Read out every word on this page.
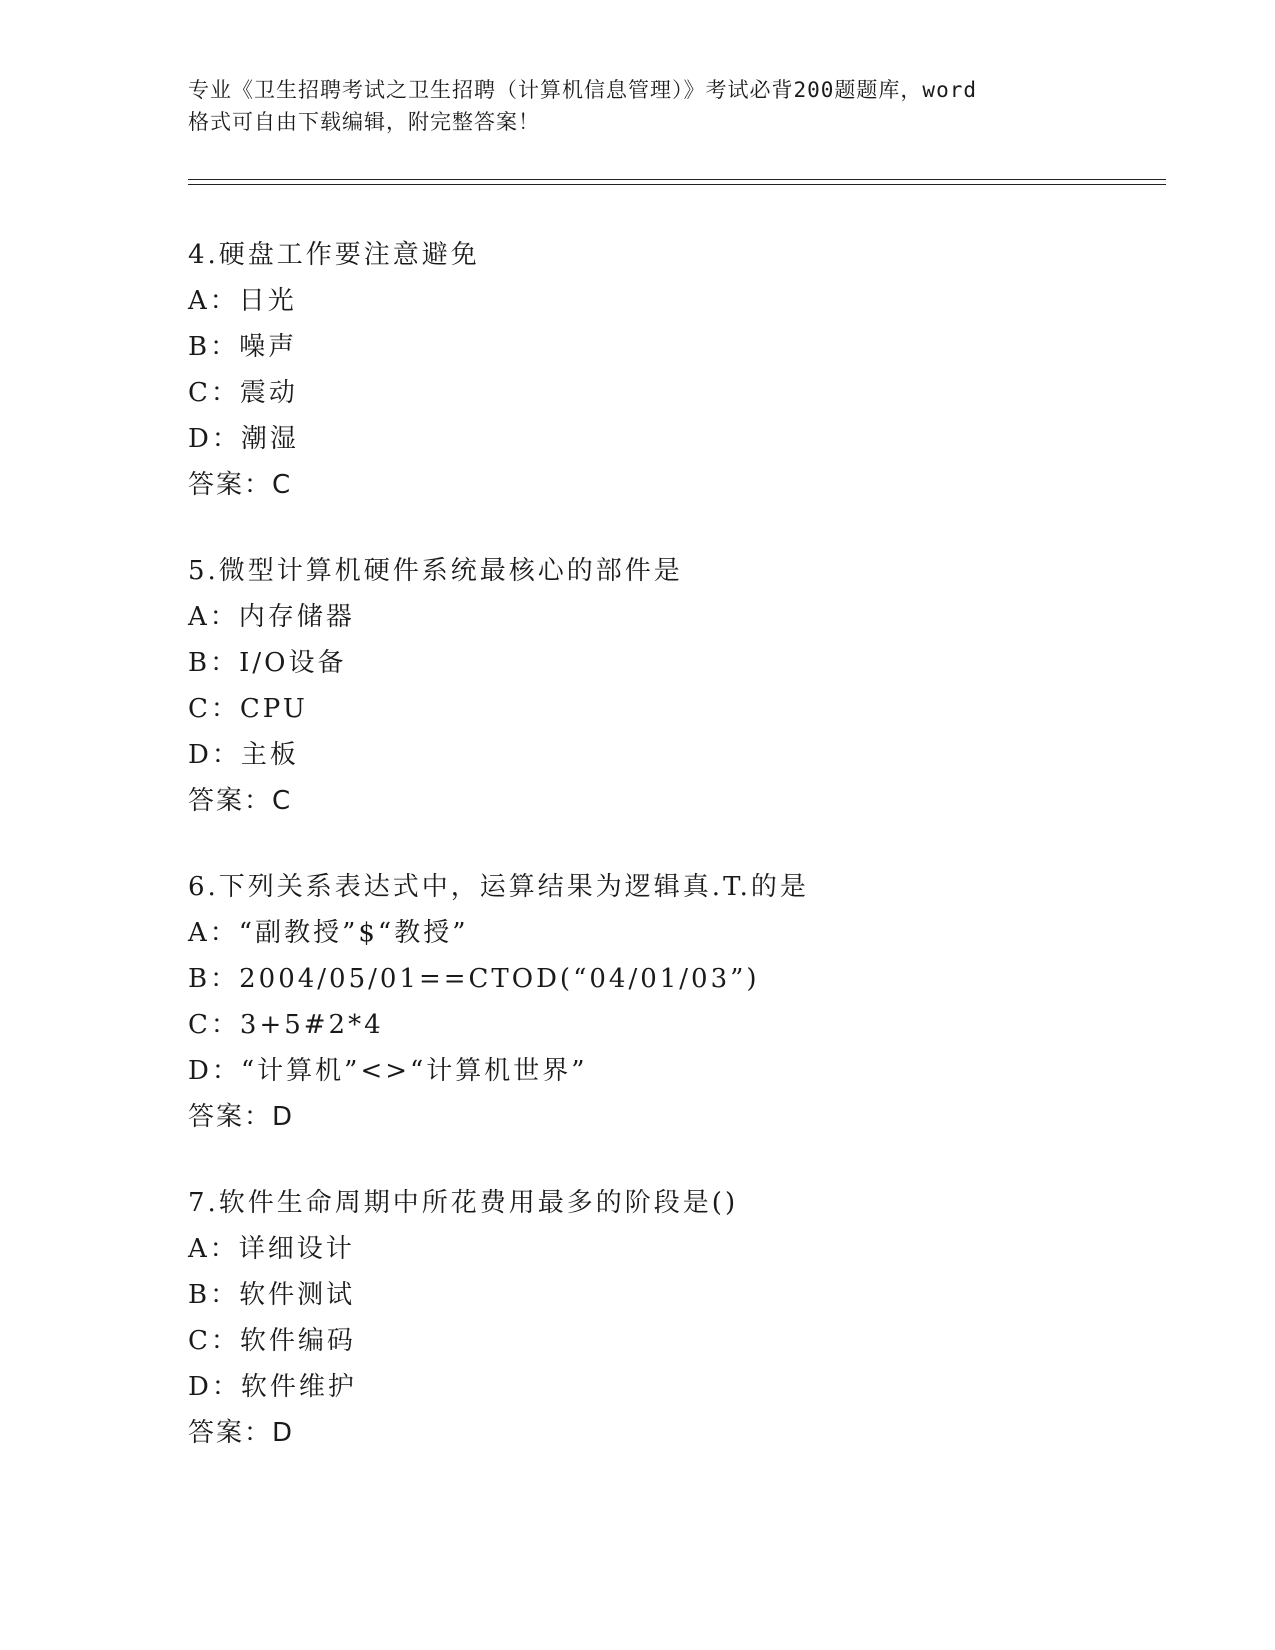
专业《卫生招聘考试之卫生招聘（计算机信息管理）》考试必背200题题库，word
格式可自由下载编辑，附完整答案！
4.硬盘工作要注意避免
A：日光
B：噪声
C：震动
D：潮湿
答案：C
5.微型计算机硬件系统最核心的部件是
A：内存储器
B：I/O设备
C：CPU
D：主板
答案：C
6.下列关系表达式中，运算结果为逻辑真.T.的是
A：“副教授”$“教授”
B：2004/05/01==CTOD(“04/01/03”)
C：3+5#2*4
D：“计算机”<>“计算机世界”
答案：D
7.软件生命周期中所花费用最多的阶段是()
A：详细设计
B：软件测试
C：软件编码
D：软件维护
答案：D
